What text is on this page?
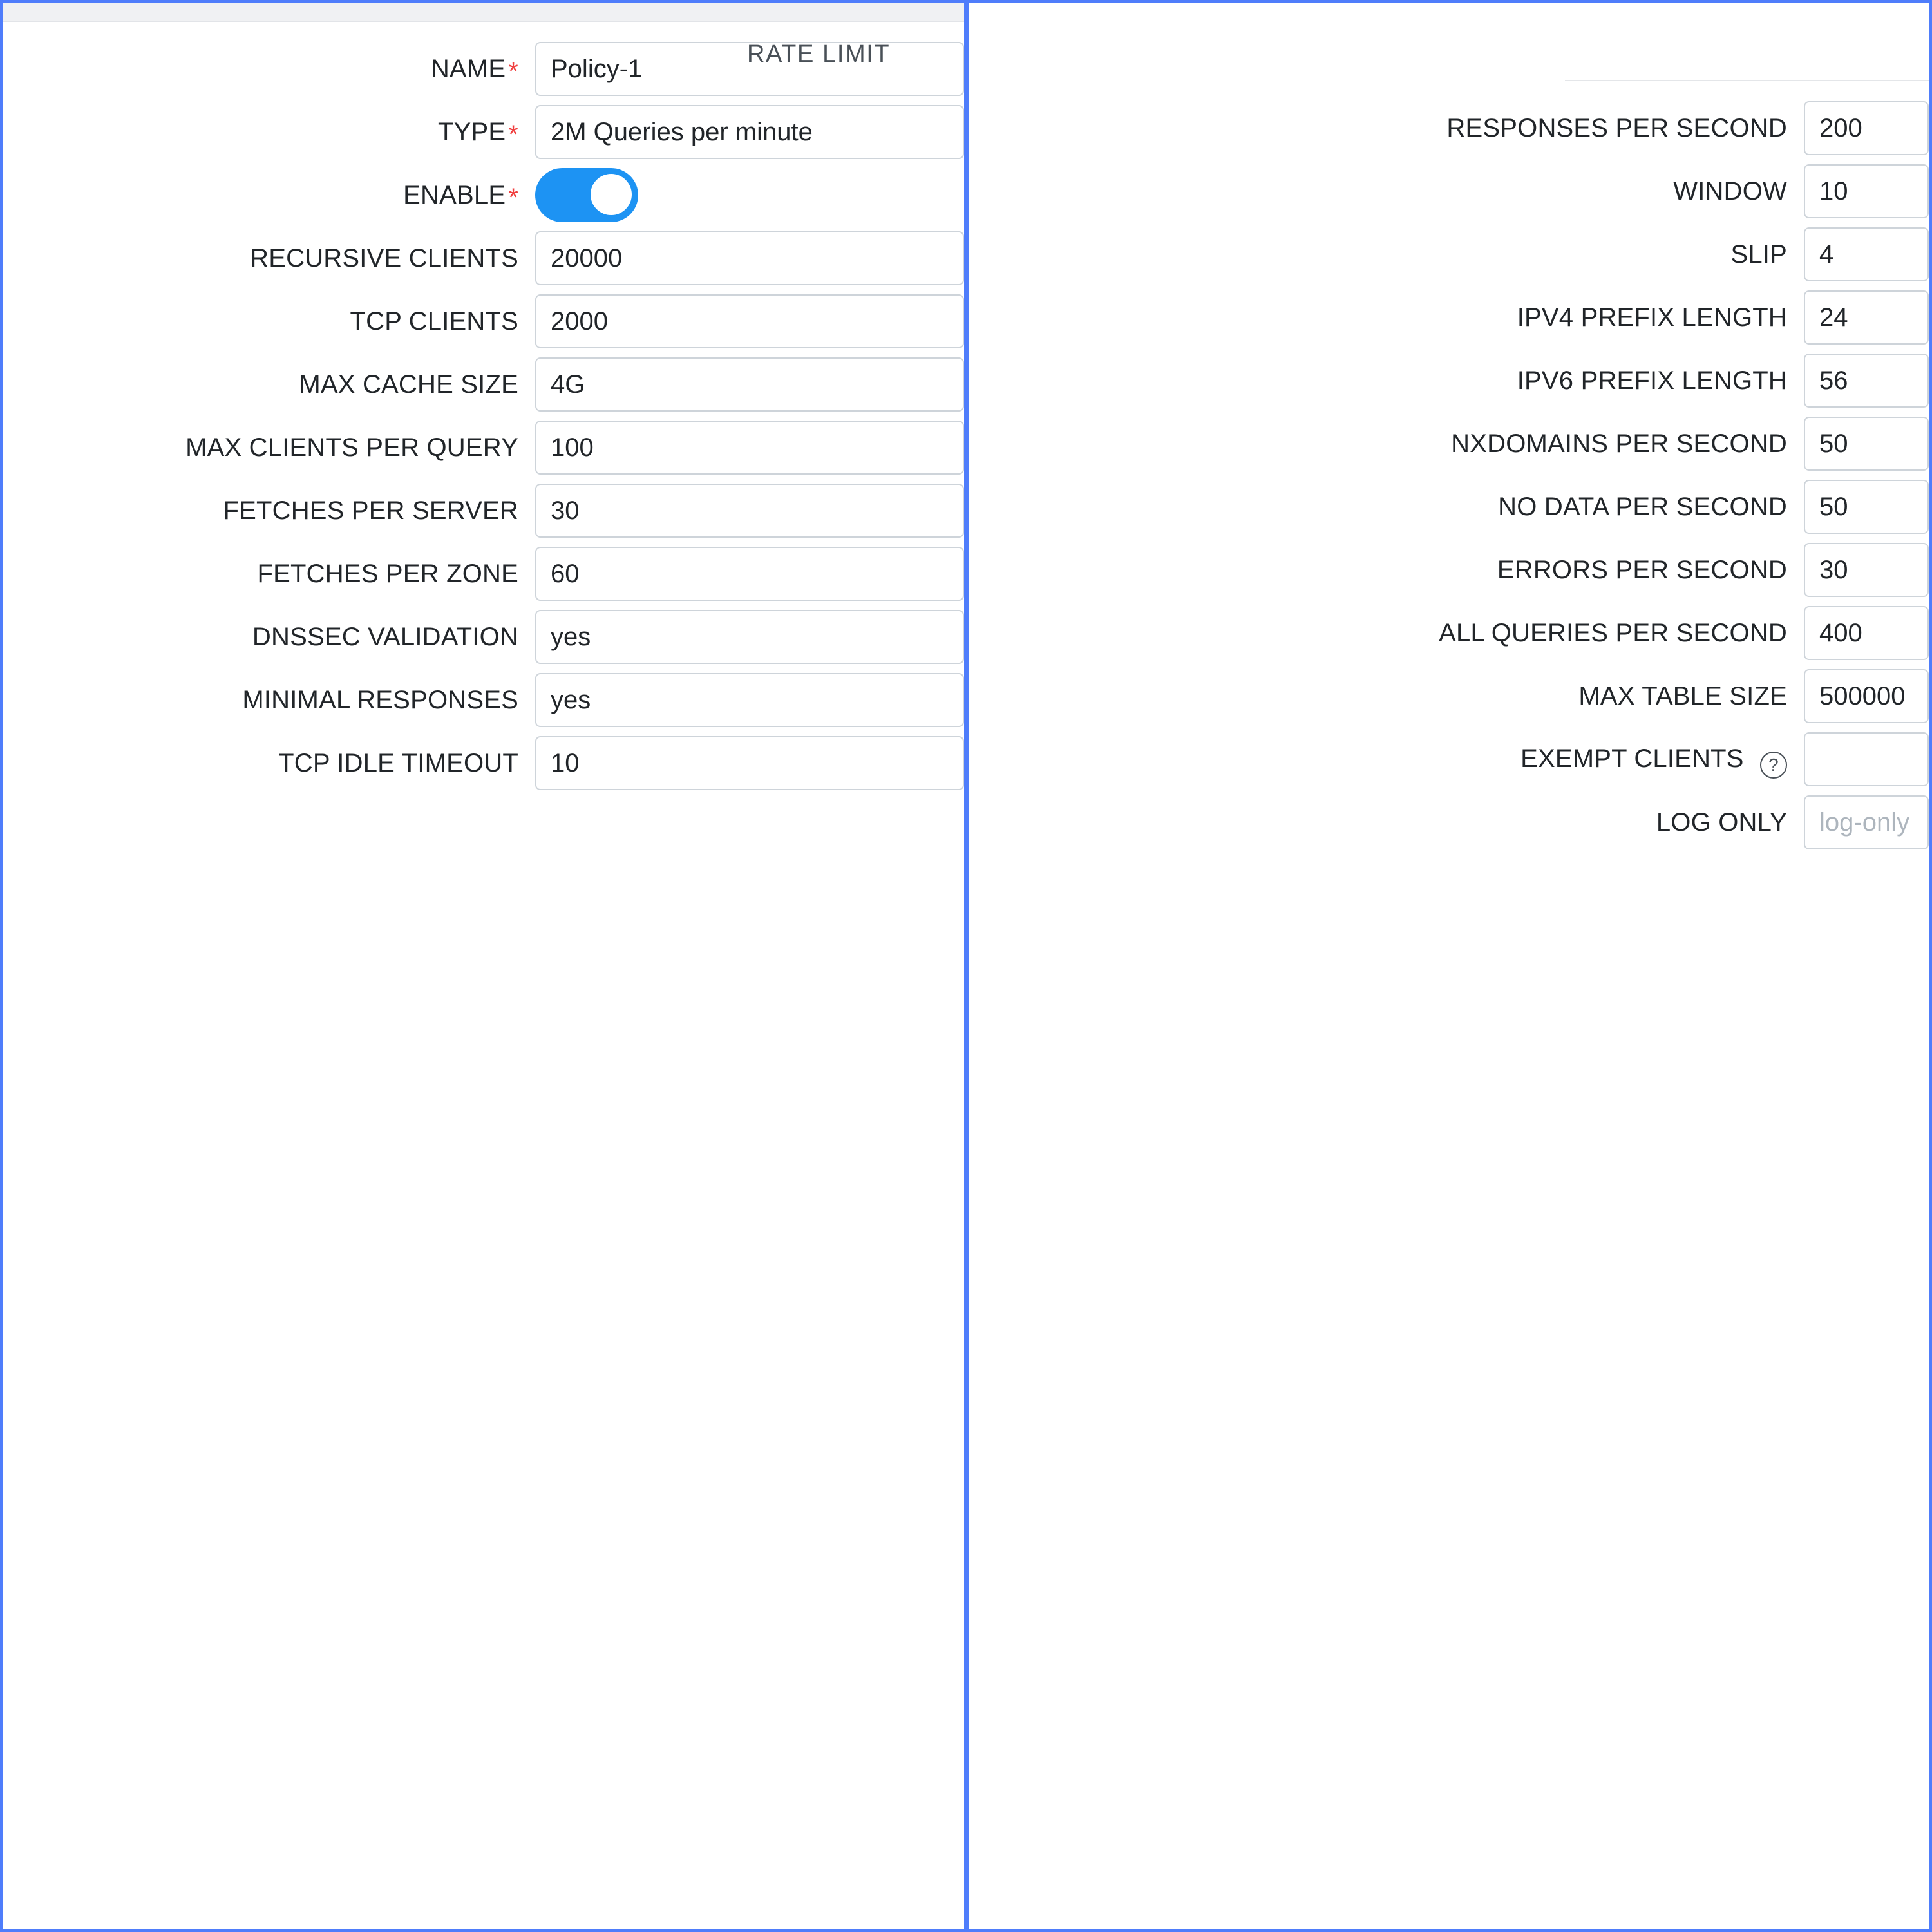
NAME *	Policy-1
TYPE *	2M Queries per minute
ENABLE *
RECURSIVE CLIENTS	20000
TCP CLIENTS	2000
MAX CACHE SIZE	4G
MAX CLIENTS PER QUERY	100
FETCHES PER SERVER	30
FETCHES PER ZONE	60
DNSSEC VALIDATION	yes
MINIMAL RESPONSES	yes
TCP IDLE TIMEOUT	10
RATE LIMIT
RESPONSES PER SECOND	200
WINDOW	10
SLIP	4
IPV4 PREFIX LENGTH	24
IPV6 PREFIX LENGTH	56
NXDOMAINS PER SECOND	50
NO DATA PER SECOND	50
ERRORS PER SECOND	30
ALL QUERIES PER SECOND	400
MAX TABLE SIZE	500000
EXEMPT CLIENTS ?
LOG ONLY	log-only
